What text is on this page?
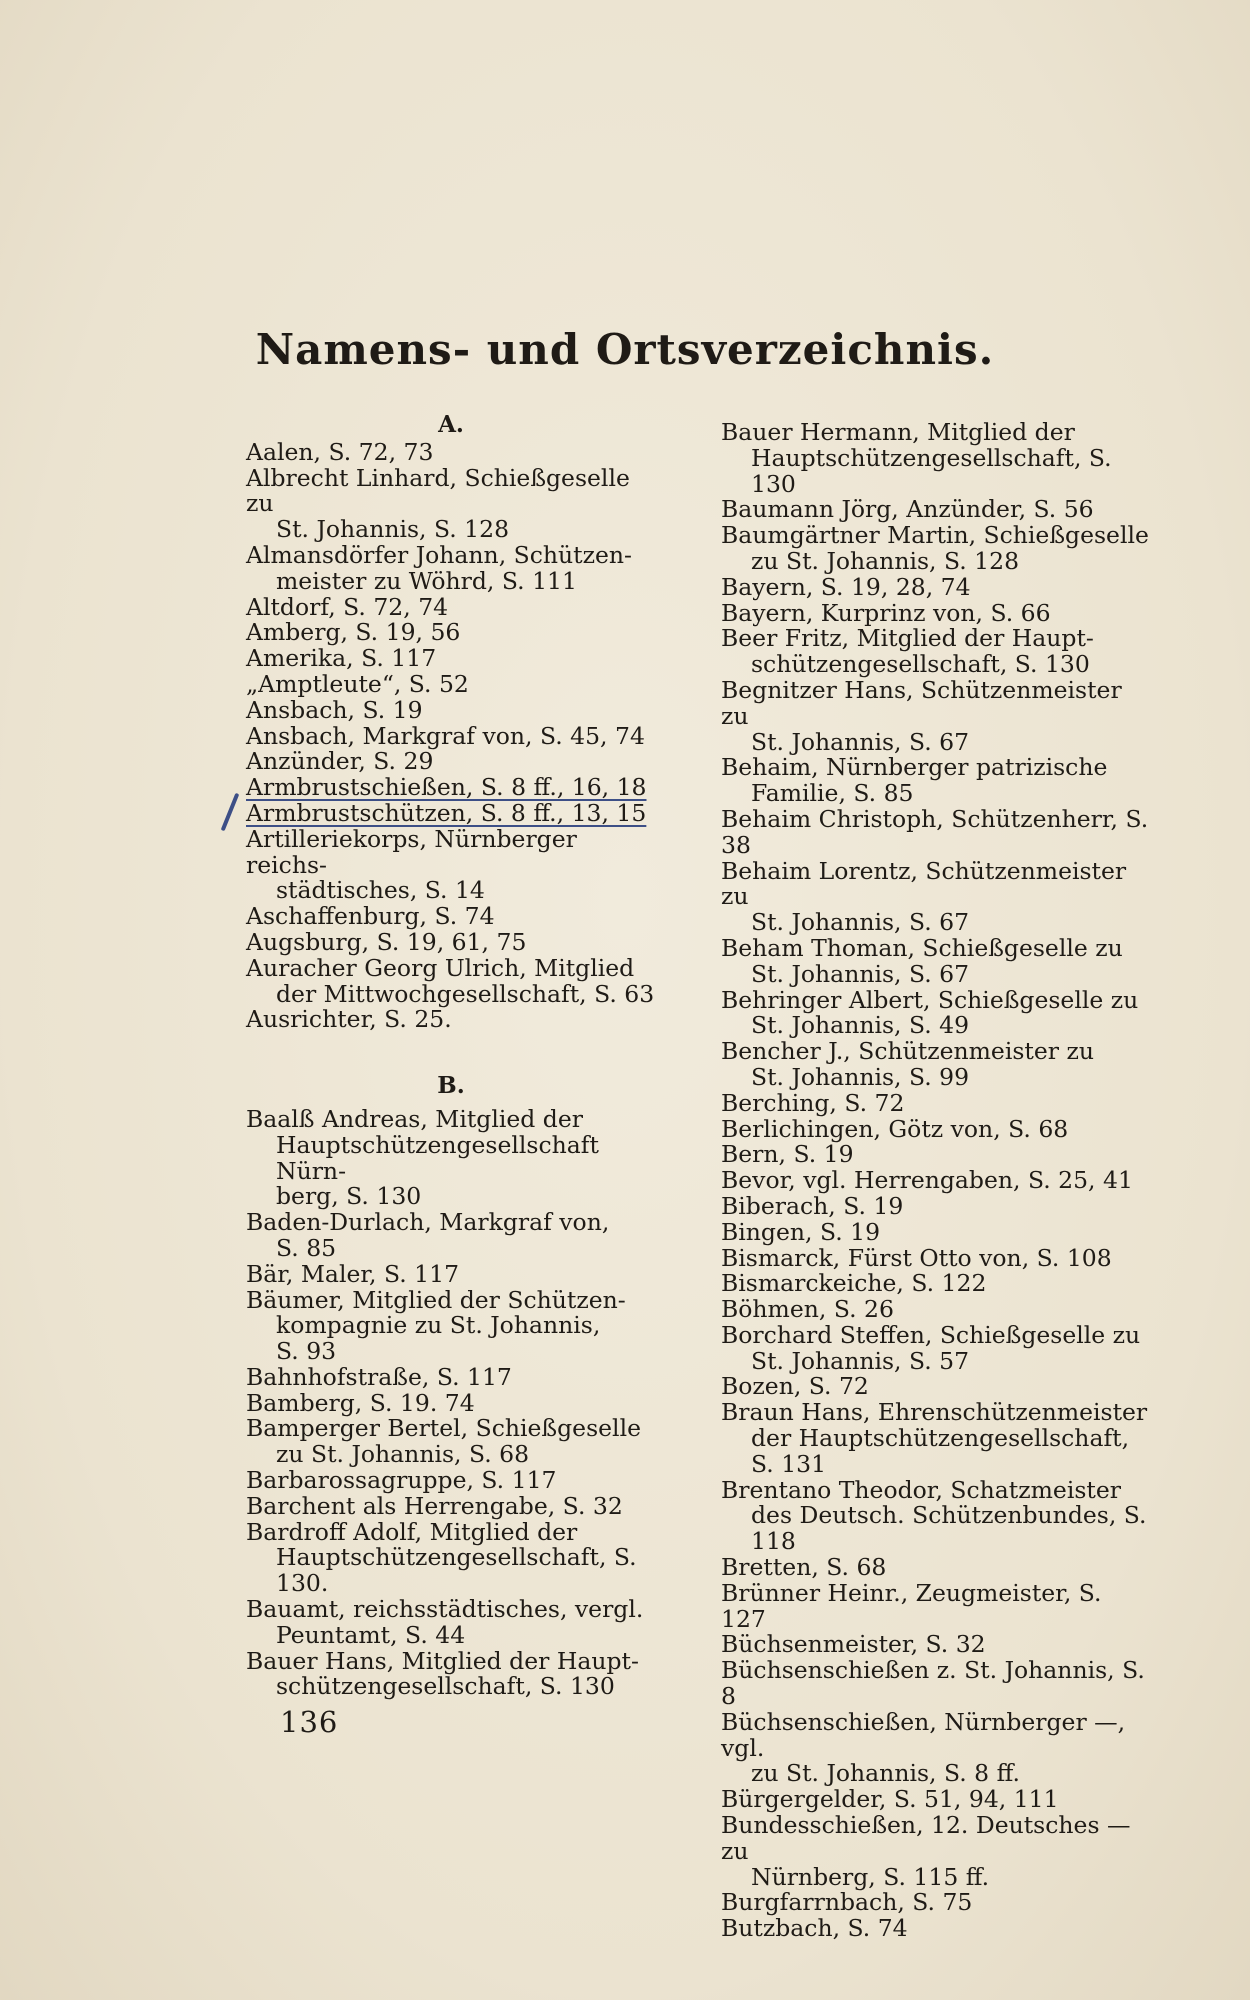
Namens- und Ortsverzeichnis.
A.
Aalen, S. 72, 73
Albrecht Linhard, Schießgeselle zu
St. Johannis, S. 128
Almansdörfer Johann, Schützen-
meister zu Wöhrd, S. 111
Altdorf, S. 72, 74
Amberg, S. 19, 56
Amerika, S. 117
„Amptleute“, S. 52
Ansbach, S. 19
Ansbach, Markgraf von, S. 45, 74
Anzünder, S. 29
Armbrustschießen, S. 8 ff., 16, 18
Armbrustschützen, S. 8 ff., 13, 15
Artilleriekorps, Nürnberger reichs-
städtisches, S. 14
Aschaffenburg, S. 74
Augsburg, S. 19, 61, 75
Auracher Georg Ulrich, Mitglied
der Mittwochgesellschaft, S. 63
Ausrichter, S. 25.
B.
Baalß Andreas, Mitglied der
Hauptschützengesellschaft Nürn-
berg, S. 130
Baden-Durlach, Markgraf von,
S. 85
Bär, Maler, S. 117
Bäumer, Mitglied der Schützen-
kompagnie zu St. Johannis,
S. 93
Bahnhofstraße, S. 117
Bamberg, S. 19. 74
Bamperger Bertel, Schießgeselle
zu St. Johannis, S. 68
Barbarossagruppe, S. 117
Barchent als Herrengabe, S. 32
Bardroff Adolf, Mitglied der
Hauptschützengesellschaft, S. 130.
Bauamt, reichsstädtisches, vergl.
Peuntamt, S. 44
Bauer Hans, Mitglied der Haupt-
schützengesellschaft, S. 130
Bauer Hermann, Mitglied der
Hauptschützengesellschaft, S. 130
Baumann Jörg, Anzünder, S. 56
Baumgärtner Martin, Schießgeselle
zu St. Johannis, S. 128
Bayern, S. 19, 28, 74
Bayern, Kurprinz von, S. 66
Beer Fritz, Mitglied der Haupt-
schützengesellschaft, S. 130
Begnitzer Hans, Schützenmeister zu
St. Johannis, S. 67
Behaim, Nürnberger patrizische
Familie, S. 85
Behaim Christoph, Schützenherr, S. 38
Behaim Lorentz, Schützenmeister zu
St. Johannis, S. 67
Beham Thoman, Schießgeselle zu
St. Johannis, S. 67
Behringer Albert, Schießgeselle zu
St. Johannis, S. 49
Bencher J., Schützenmeister zu
St. Johannis, S. 99
Berching, S. 72
Berlichingen, Götz von, S. 68
Bern, S. 19
Bevor, vgl. Herrengaben, S. 25, 41
Biberach, S. 19
Bingen, S. 19
Bismarck, Fürst Otto von, S. 108
Bismarckeiche, S. 122
Böhmen, S. 26
Borchard Steffen, Schießgeselle zu
St. Johannis, S. 57
Bozen, S. 72
Braun Hans, Ehrenschützenmeister
der Hauptschützengesellschaft, S. 131
Brentano Theodor, Schatzmeister
des Deutsch. Schützenbundes, S. 118
Bretten, S. 68
Brünner Heinr., Zeugmeister, S. 127
Büchsenmeister, S. 32
Büchsenschießen z. St. Johannis, S. 8
Büchsenschießen, Nürnberger —, vgl.
zu St. Johannis, S. 8 ff.
Bürgergelder, S. 51, 94, 111
Bundesschießen, 12. Deutsches — zu
Nürnberg, S. 115 ff.
Burgfarrnbach, S. 75
Butzbach, S. 74
136
